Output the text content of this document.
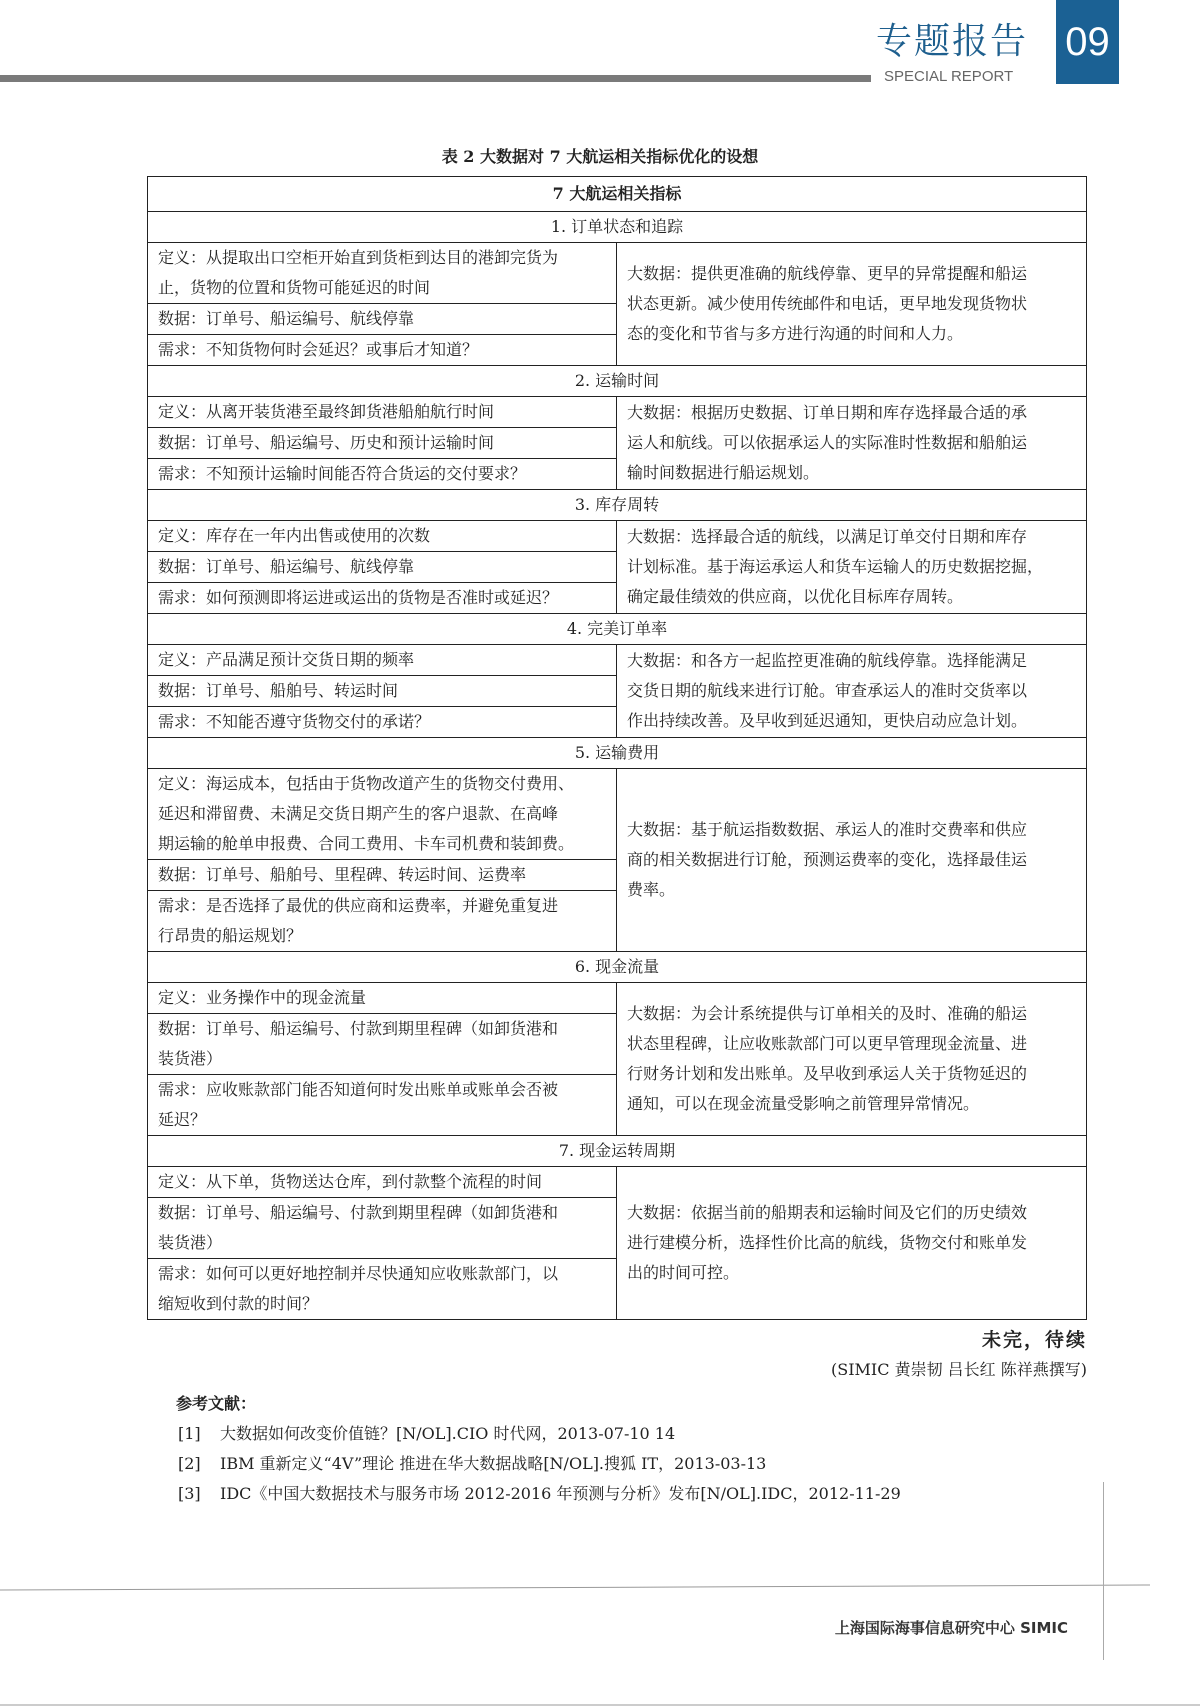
专题报告
SPECIAL REPORT
09
表 2 大数据对 7 大航运相关指标优化的设想
7 大航运相关指标	
1. 订单状态和追踪	

定义：从提取出口空柜开始直到货柜到达目的港卸完货为
止，货物的位置和货物可能延迟的时间	大数据：提供更准确的航线停靠、更早的异常提醒和船运
状态更新。减少使用传统邮件和电话，更早地发现货物状
态的变化和节省与多方进行沟通的时间和人力。

数据：订单号、船运编号、航线停靠	

需求：不知货物何时会延迟？或事后才知道？	

2. 运输时间	

定义：从离开装货港至最终卸货港船舶航行时间	大数据：根据历史数据、订单日期和库存选择最合适的承
运人和航线。可以依据承运人的实际准时性数据和船舶运
输时间数据进行船运规划。

数据：订单号、船运编号、历史和预计运输时间	

需求：不知预计运输时间能否符合货运的交付要求？	

3. 库存周转	

定义：库存在一年内出售或使用的次数	大数据：选择最合适的航线，以满足订单交付日期和库存
计划标准。基于海运承运人和货车运输人的历史数据挖掘，
确定最佳绩效的供应商，以优化目标库存周转。

数据：订单号、船运编号、航线停靠	

需求：如何预测即将运进或运出的货物是否准时或延迟？	

4. 完美订单率	

定义：产品满足预计交货日期的频率	大数据：和各方一起监控更准确的航线停靠。选择能满足
交货日期的航线来进行订舱。审查承运人的准时交货率以
作出持续改善。及早收到延迟通知，更快启动应急计划。

数据：订单号、船舶号、转运时间	

需求：不知能否遵守货物交付的承诺？	

5. 运输费用	

定义：海运成本，包括由于货物改道产生的货物交付费用、
延迟和滞留费、未满足交货日期产生的客户退款、在高峰
期运输的舱单申报费、合同工费用、卡车司机费和装卸费。	大数据：基于航运指数数据、承运人的准时交费率和供应
商的相关数据进行订舱，预测运费率的变化，选择最佳运
费率。

数据：订单号、船舶号、里程碑、转运时间、运费率	

需求：是否选择了最优的供应商和运费率，并避免重复进
行昂贵的船运规划？	

6. 现金流量	

定义：业务操作中的现金流量	大数据：为会计系统提供与订单相关的及时、准确的船运
状态里程碑，让应收账款部门可以更早管理现金流量、进
行财务计划和发出账单。及早收到承运人关于货物延迟的
通知，可以在现金流量受影响之前管理异常情况。

数据：订单号、船运编号、付款到期里程碑（如卸货港和
装货港）	

需求：应收账款部门能否知道何时发出账单或账单会否被
延迟？	

7. 现金运转周期	

定义：从下单，货物送达仓库，到付款整个流程的时间	大数据：依据当前的船期表和运输时间及它们的历史绩效
进行建模分析，选择性价比高的航线，货物交付和账单发
出的时间可控。

数据：订单号、船运编号、付款到期里程碑（如卸货港和
装货港）	

需求：如何可以更好地控制并尽快通知应收账款部门，以
缩短收到付款的时间？	
未完，待续
(SIMIC 黄崇韧 吕长红 陈祥燕撰写)
参考文献：
[1] 大数据如何改变价值链？[N/OL].CIO 时代网，2013-07-10 14
[2] IBM 重新定义“4V”理论 推进在华大数据战略[N/OL].搜狐 IT，2013-03-13
[3] IDC《中国大数据技术与服务市场 2012-2016 年预测与分析》发布[N/OL].IDC，2012-11-29
上海国际海事信息研究中心 SIMIC
